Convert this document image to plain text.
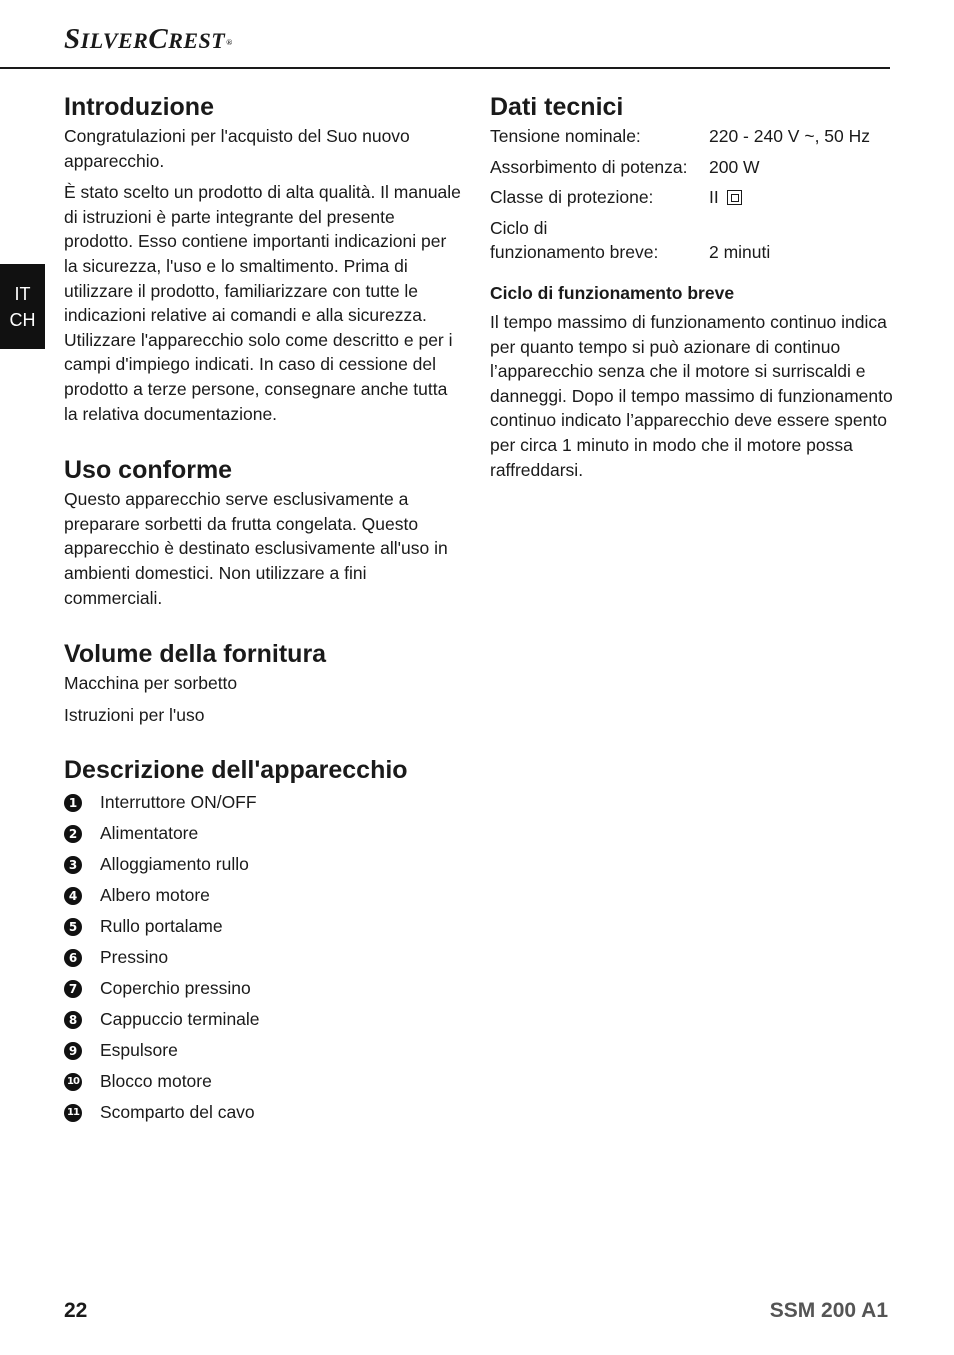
SILVERCREST®
IT
CH
Introduzione

Congratulazioni per l'acquisto del Suo nuovo apparecchio.

È stato scelto un prodotto di alta qualità. Il manuale di istruzioni è parte integrante del presente prodotto. Esso contiene importanti indicazioni per la sicurezza, l'uso e lo smaltimento. Prima di utilizzare il prodotto, familiarizzare con tutte le indicazioni relative ai comandi e alla sicurezza. Utilizzare l'apparecchio solo come descritto e per i campi d'impiego indicati. In caso di cessione del prodotto a terze persone, consegnare anche tutta la relativa documentazione.

Uso conforme

Questo apparecchio serve esclusivamente a preparare sorbetti da frutta congelata. Questo apparecchio è destinato esclusivamente all'uso in ambienti domestici. Non utilizzare a fini commerciali.

Volume della fornitura

Macchina per sorbetto

Istruzioni per l'uso

Descrizione dell'apparecchio
1 Interruttore ON/OFF
2 Alimentatore
3 Alloggiamento rullo
4 Albero motore
5 Rullo portalame
6 Pressino
7 Coperchio pressino
8 Cappuccio terminale
9 Espulsore
10 Blocco motore
11 Scomparto del cavo
Dati tecnici
Tensione nominale:	220 - 240 V ~, 50 Hz

Assorbimento di potenza:	200 W

Classe di protezione:	II

Ciclo di
funzionamento breve:	2 minuti
Ciclo di funzionamento breve

Il tempo massimo di funzionamento continuo indica per quanto tempo si può azionare di continuo l’apparecchio senza che il motore si surriscaldi e danneggi. Dopo il tempo massimo di funzionamento continuo indicato l’apparecchio deve essere spento per circa 1 minuto in modo che il motore possa raffreddarsi.

22	SSM 200 A1
